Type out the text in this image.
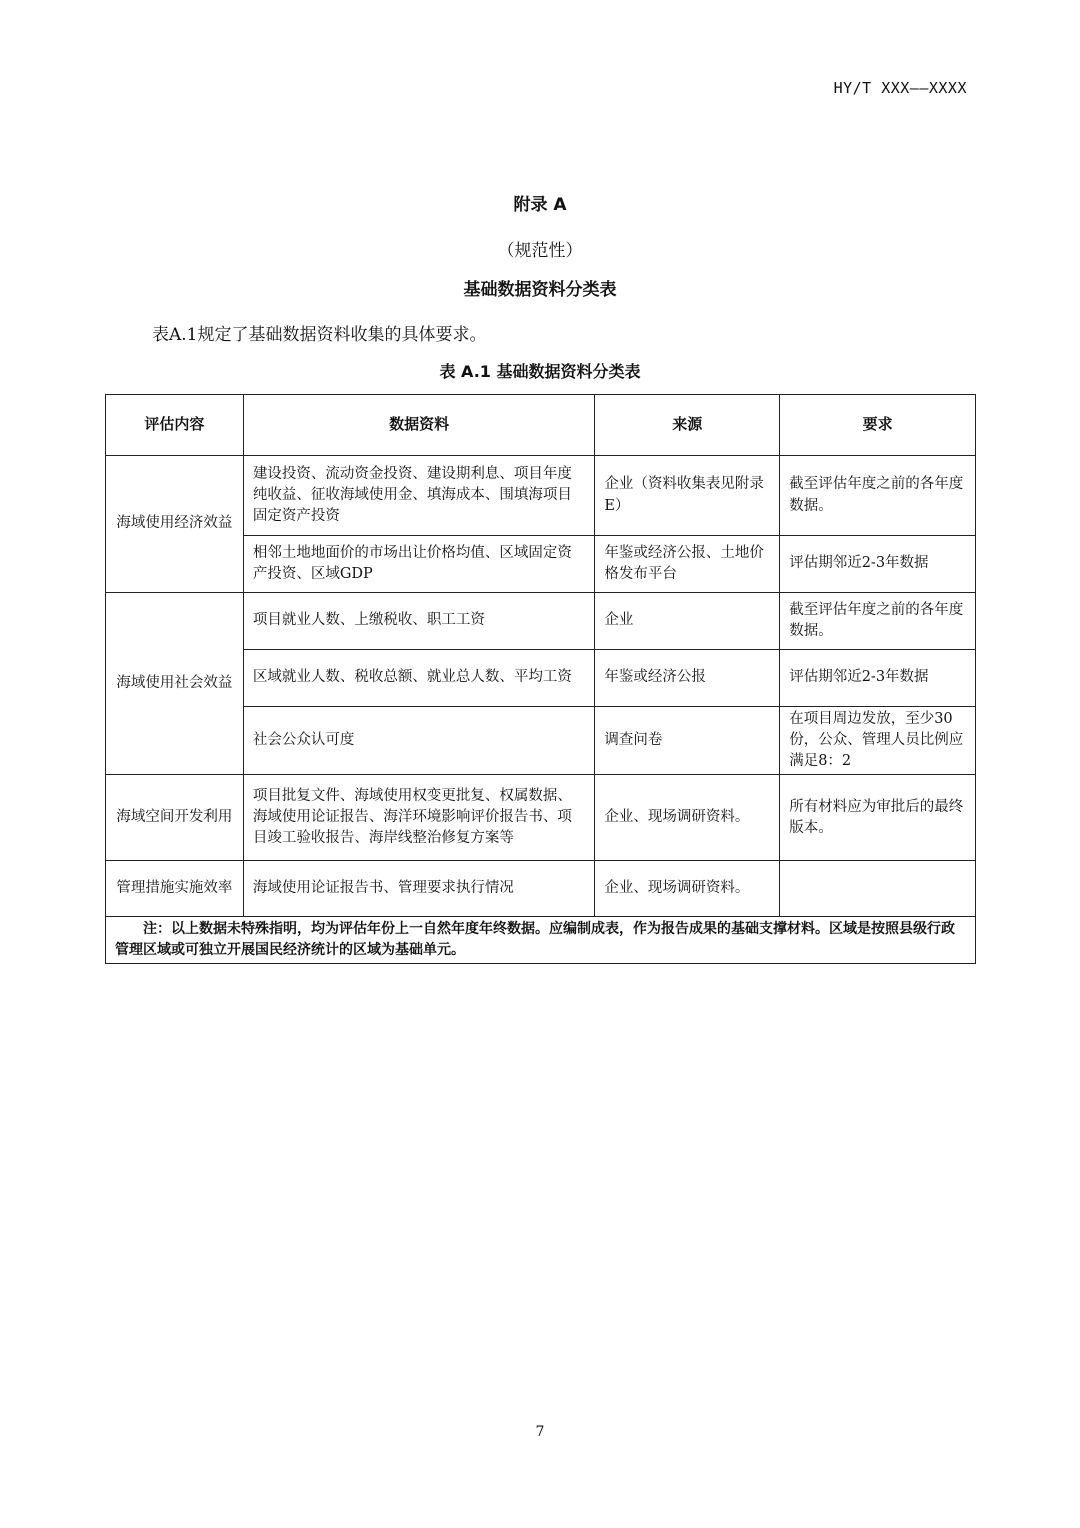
HY/T XXX——XXXX
附录 A
（规范性）
基础数据资料分类表
表A.1规定了基础数据资料收集的具体要求。
表 A.1 基础数据资料分类表
评估内容	数据资料	来源	要求
海域使用经济效益	建设投资、流动资金投资、建设期利息、项目年度纯收益、征收海域使用金、填海成本、围填海项目固定资产投资	企业（资料收集表见附录E）	截至评估年度之前的各年度数据。
	相邻土地地面价的市场出让价格均值、区域固定资产投资、区域GDP	年鉴或经济公报、土地价格发布平台	评估期邻近2-3年数据
海域使用社会效益	项目就业人数、上缴税收、职工工资	企业	截至评估年度之前的各年度数据。
	区域就业人数、税收总额、就业总人数、平均工资	年鉴或经济公报	评估期邻近2-3年数据
	社会公众认可度	调查问卷	在项目周边发放，至少30份，公众、管理人员比例应满足8：2
海域空间开发利用	项目批复文件、海域使用权变更批复、权属数据、海域使用论证报告、海洋环境影响评价报告书、项目竣工验收报告、海岸线整治修复方案等	企业、现场调研资料。	所有材料应为审批后的最终版本。
管理措施实施效率	海域使用论证报告书、管理要求执行情况	企业、现场调研资料。	
注：以上数据未特殊指明，均为评估年份上一自然年度年终数据。应编制成表，作为报告成果的基础支撑材料。区域是按照县级行政管理区域或可独立开展国民经济统计的区域为基础单元。			
7
